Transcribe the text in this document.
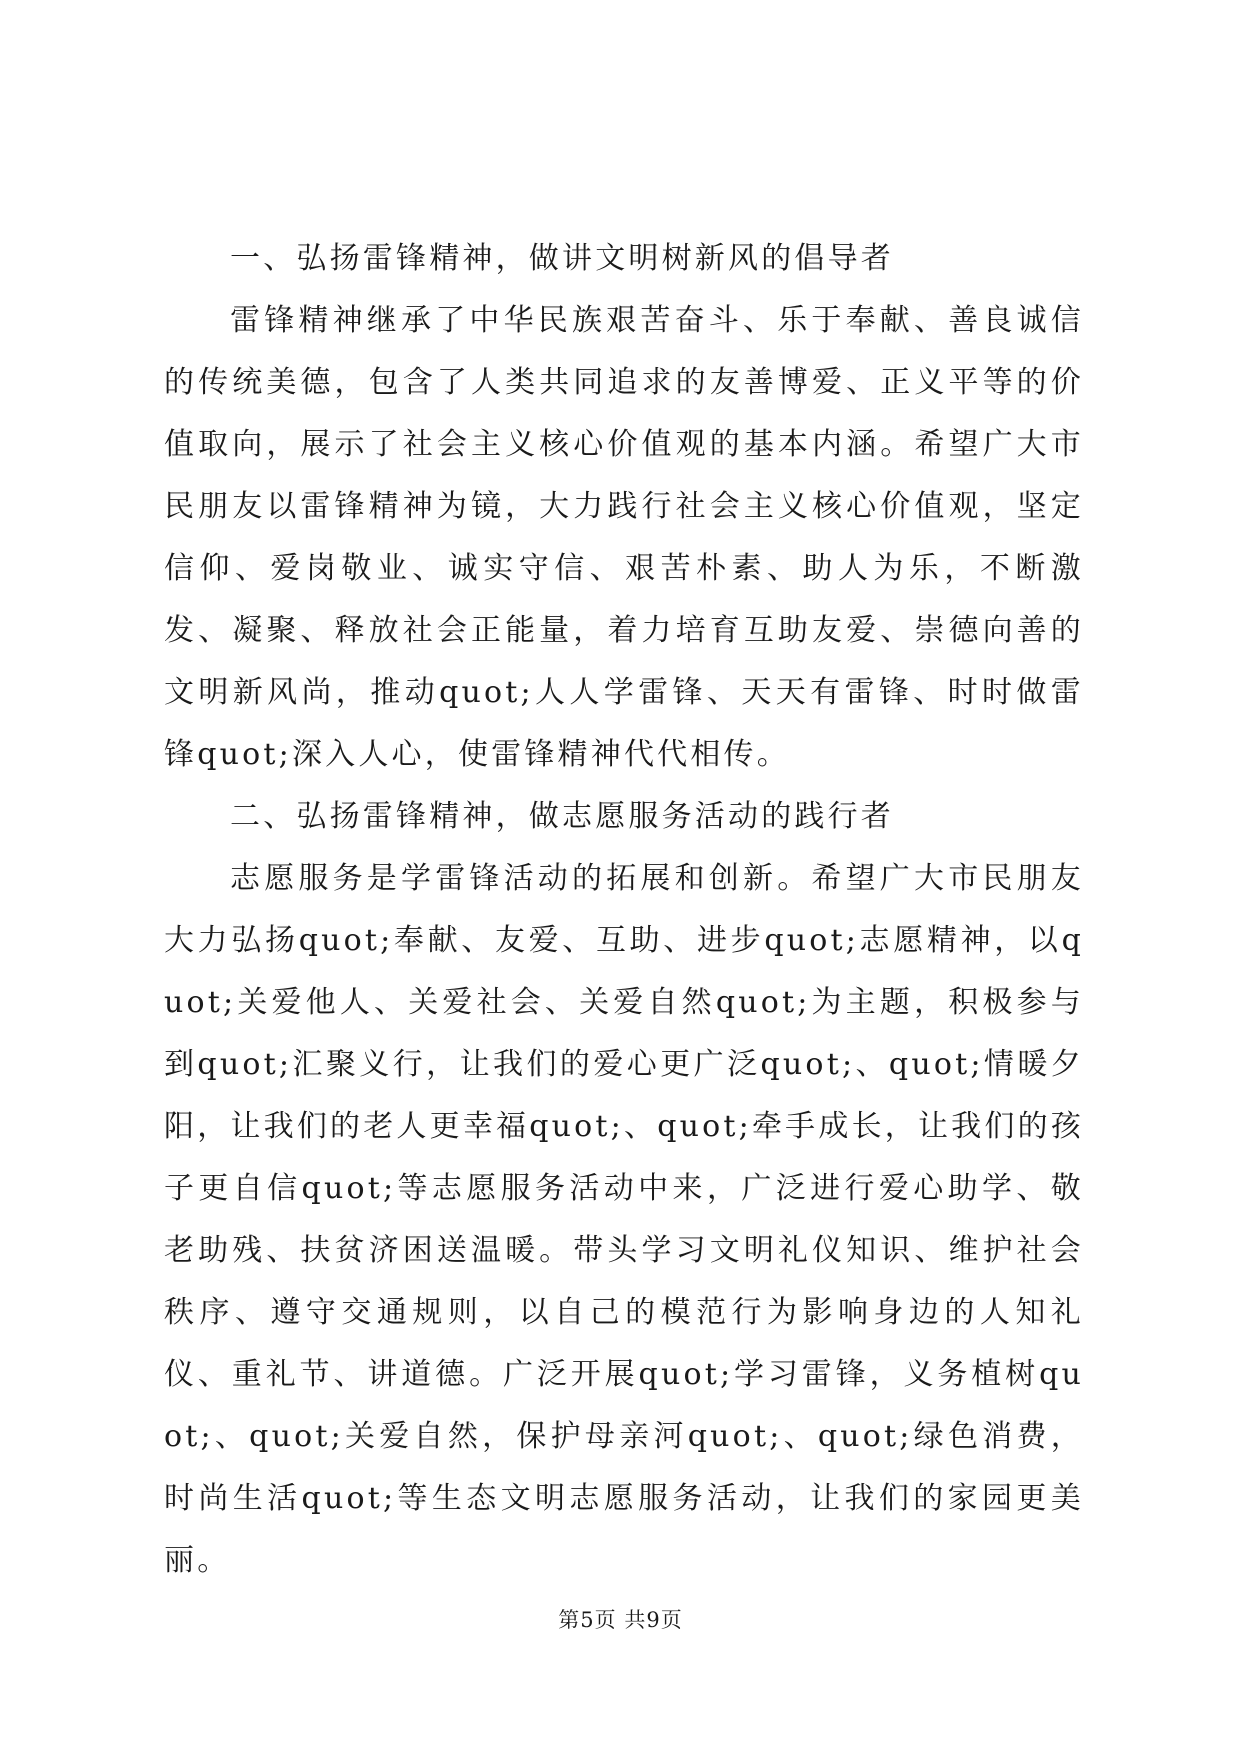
一、弘扬雷锋精神，做讲文明树新风的倡导者

雷锋精神继承了中华民族艰苦奋斗、乐于奉献、善良诚信的传统美德，包含了人类共同追求的友善博爱、正义平等的价值取向，展示了社会主义核心价值观的基本内涵。希望广大市民朋友以雷锋精神为镜，大力践行社会主义核心价值观，坚定信仰、爱岗敬业、诚实守信、艰苦朴素、助人为乐，不断激发、凝聚、释放社会正能量，着力培育互助友爱、崇德向善的文明新风尚，推动quot;人人学雷锋、天天有雷锋、时时做雷锋quot;深入人心，使雷锋精神代代相传。

二、弘扬雷锋精神，做志愿服务活动的践行者

志愿服务是学雷锋活动的拓展和创新。希望广大市民朋友大力弘扬quot;奉献、友爱、互助、进步quot;志愿精神，以quot;关爱他人、关爱社会、关爱自然quot;为主题，积极参与到quot;汇聚义行，让我们的爱心更广泛quot;、quot;情暖夕阳，让我们的老人更幸福quot;、quot;牵手成长，让我们的孩子更自信quot;等志愿服务活动中来，广泛进行爱心助学、敬老助残、扶贫济困送温暖。带头学习文明礼仪知识、维护社会秩序、遵守交通规则，以自己的模范行为影响身边的人知礼仪、重礼节、讲道德。广泛开展quot;学习雷锋，义务植树quot;、quot;关爱自然，保护母亲河quot;、quot;绿色消费，时尚生活quot;等生态文明志愿服务活动，让我们的家园更美丽。

第5页 共9页
